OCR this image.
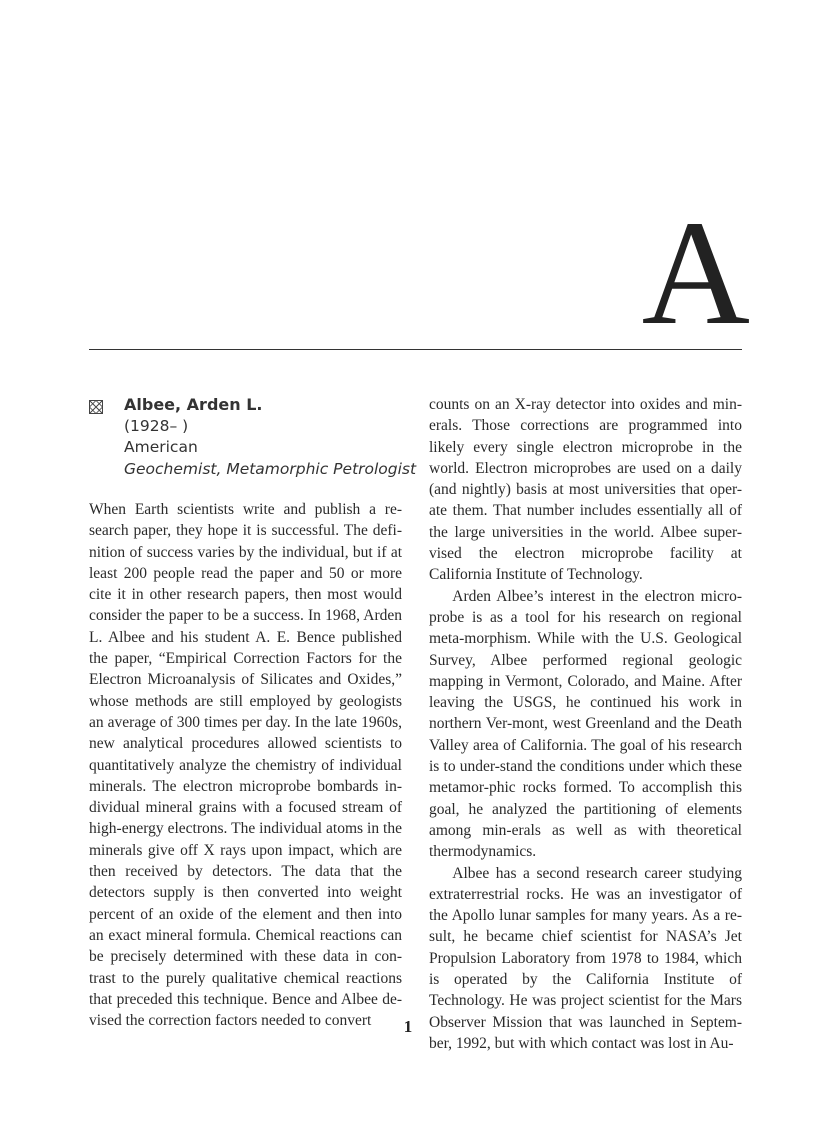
A
Albee, Arden L.
(1928– )
American
Geochemist, Metamorphic Petrologist

When Earth scientists write and publish a re-search paper, they hope it is successful. The defi-nition of success varies by the individual, but if at least 200 people read the paper and 50 or more cite it in other research papers, then most would consider the paper to be a success. In 1968, Arden L. Albee and his student A. E. Bence published the paper, “Empirical Correction Factors for the Electron Microanalysis of Silicates and Oxides,” whose methods are still employed by geologists an average of 300 times per day. In the late 1960s, new analytical procedures allowed scientists to quantitatively analyze the chemistry of individual minerals. The electron microprobe bombards in-dividual mineral grains with a focused stream of high-energy electrons. The individual atoms in the minerals give off X rays upon impact, which are then received by detectors. The data that the detectors supply is then converted into weight percent of an oxide of the element and then into an exact mineral formula. Chemical reactions can be precisely determined with these data in con-trast to the purely qualitative chemical reactions that preceded this technique. Bence and Albee de-vised the correction factors needed to convert

counts on an X-ray detector into oxides and min-erals. Those corrections are programmed into likely every single electron microprobe in the world. Electron microprobes are used on a daily (and nightly) basis at most universities that oper-ate them. That number includes essentially all of the large universities in the world. Albee super-vised the electron microprobe facility at California Institute of Technology.

Arden Albee’s interest in the electron micro-probe is as a tool for his research on regional meta-morphism. While with the U.S. Geological Survey, Albee performed regional geologic mapping in Vermont, Colorado, and Maine. After leaving the USGS, he continued his work in northern Ver-mont, west Greenland and the Death Valley area of California. The goal of his research is to under-stand the conditions under which these metamor-phic rocks formed. To accomplish this goal, he analyzed the partitioning of elements among min-erals as well as with theoretical thermodynamics.

Albee has a second research career studying extraterrestrial rocks. He was an investigator of the Apollo lunar samples for many years. As a re-sult, he became chief scientist for NASA’s Jet Propulsion Laboratory from 1978 to 1984, which is operated by the California Institute of Technology. He was project scientist for the Mars Observer Mission that was launched in Septem-ber, 1992, but with which contact was lost in Au-

1
